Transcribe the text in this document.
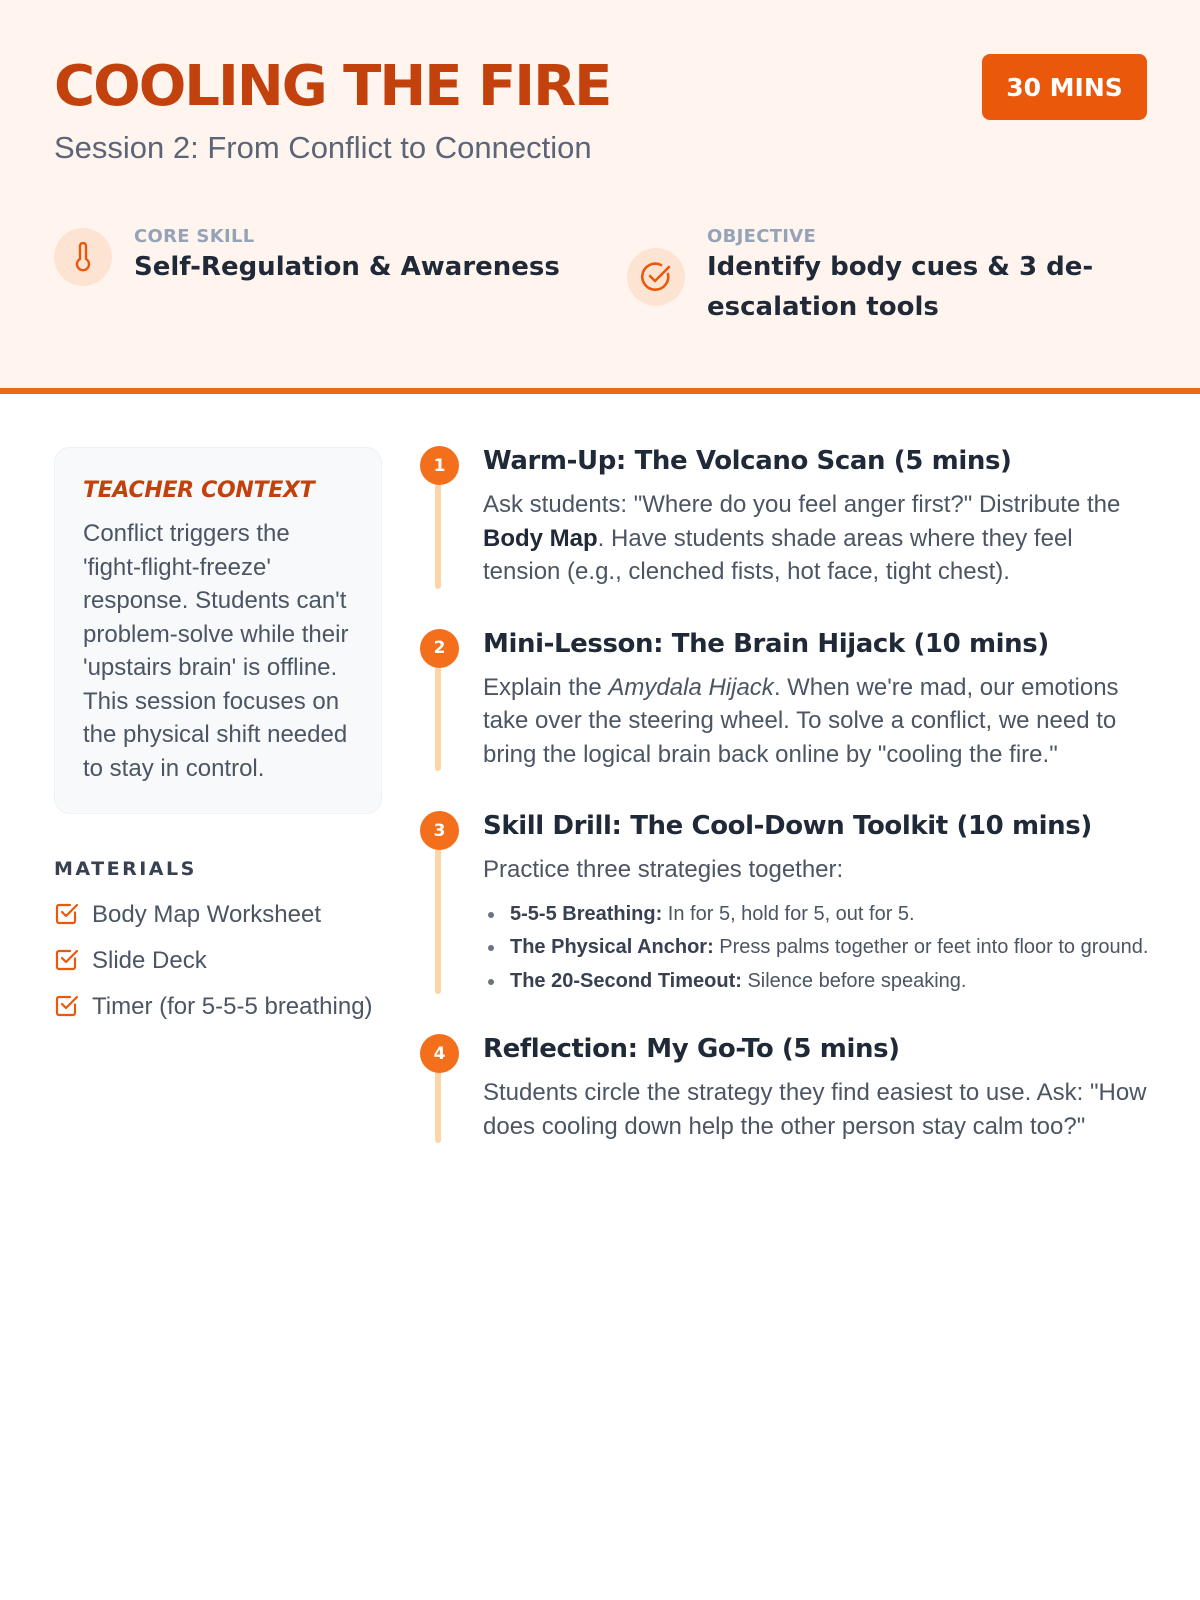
COOLING THE FIRE
Session 2: From Conflict to Connection
30 MINS
CORE SKILL
Self-Regulation & Awareness
OBJECTIVE
Identify body cues & 3 de-escalation tools
TEACHER CONTEXT

Conflict triggers the 'fight-flight-freeze' response. Students can't problem-solve while their 'upstairs brain' is offline. This session focuses on the physical shift needed to stay in control.

MATERIALS
Body Map Worksheet
Slide Deck
Timer (for 5-5-5 breathing)
1	Warm-Up: The Volcano Scan (5 mins)

Ask students: "Where do you feel anger first?" Distribute the Body Map. Have students shade areas where they feel tension (e.g., clenched fists, hot face, tight chest).

2	Mini-Lesson: The Brain Hijack (10 mins)

Explain the Amydala Hijack. When we're mad, our emotions take over the steering wheel. To solve a conflict, we need to bring the logical brain back online by "cooling the fire."

3	Skill Drill: The Cool-Down Toolkit (10 mins)

Practice three strategies together:

5-5-5 Breathing: In for 5, hold for 5, out for 5.
The Physical Anchor: Press palms together or feet into floor to ground.
The 20-Second Timeout: Silence before speaking.
4	Reflection: My Go-To (5 mins)

Students circle the strategy they find easiest to use. Ask: "How does cooling down help the other person stay calm too?"
